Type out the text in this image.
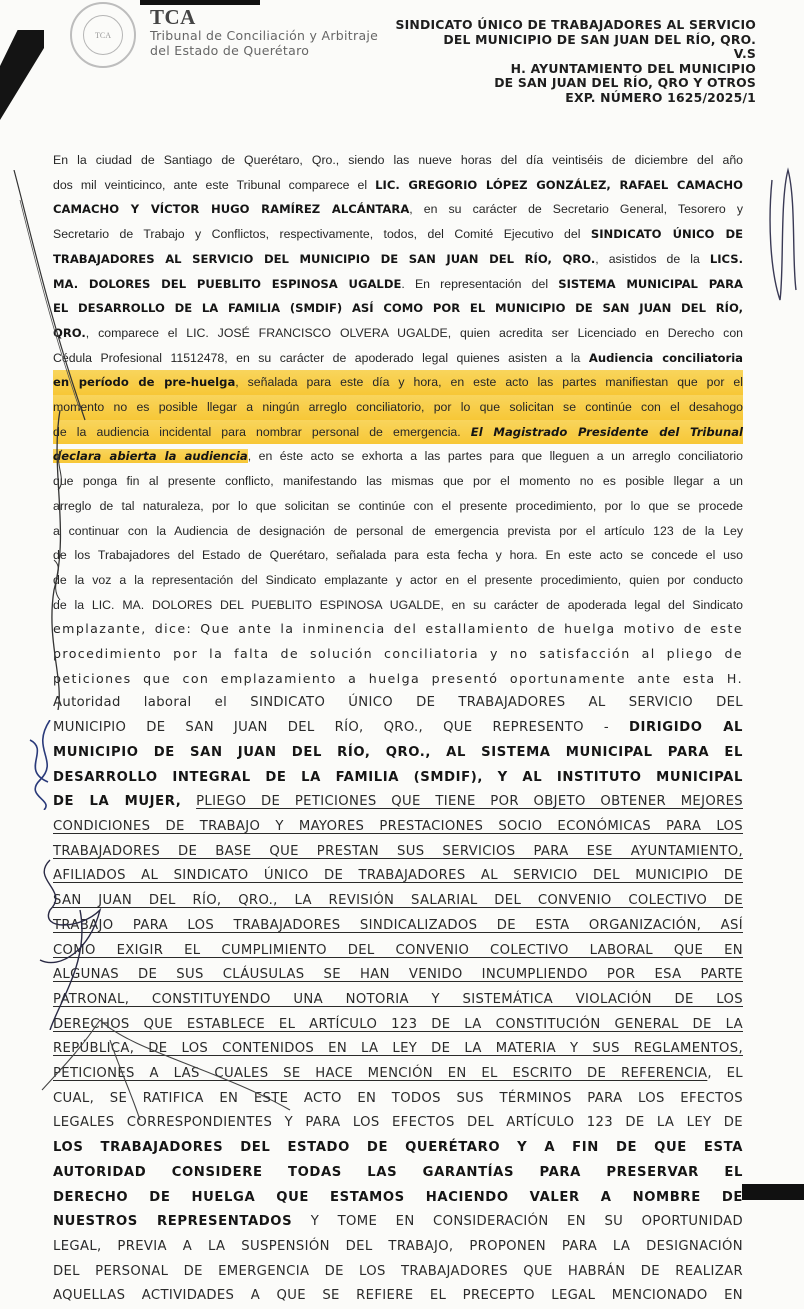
TCA
TCA
Tribunal de Conciliación y Arbitraje
del Estado de Querétaro
SINDICATO ÚNICO DE TRABAJADORES AL SERVICIO
DEL MUNICIPIO DE SAN JUAN DEL RÍO, QRO.
V.S
H. AYUNTAMIENTO DEL MUNICIPIO
DE SAN JUAN DEL RÍO, QRO Y OTROS
EXP. NÚMERO 1625/2025/1
En la ciudad de Santiago de Querétaro, Qro., siendo las nueve horas del día veintiséis de diciembre del año
dos mil veinticinco, ante este Tribunal comparece el LIC. GREGORIO LÓPEZ GONZÁLEZ, RAFAEL CAMACHO
CAMACHO Y VÍCTOR HUGO RAMÍREZ ALCÁNTARA, en su carácter de Secretario General, Tesorero y
Secretario de Trabajo y Conflictos, respectivamente, todos, del Comité Ejecutivo del SINDICATO ÚNICO DE
TRABAJADORES AL SERVICIO DEL MUNICIPIO DE SAN JUAN DEL RÍO, QRO., asistidos de la LICS.
MA. DOLORES DEL PUEBLITO ESPINOSA UGALDE. En representación del SISTEMA MUNICIPAL PARA
EL DESARROLLO DE LA FAMILIA (SMDIF) ASÍ COMO POR EL MUNICIPIO DE SAN JUAN DEL RÍO,
QRO., comparece el LIC. JOSÉ FRANCISCO OLVERA UGALDE, quien acredita ser Licenciado en Derecho con
Cédula Profesional 11512478, en su carácter de apoderado legal quienes asisten a la Audiencia conciliatoria
en período de pre-huelga, señalada para este día y hora, en este acto las partes manifiestan que por el
momento no es posible llegar a ningún arreglo conciliatorio, por lo que solicitan se continúe con el desahogo
de la audiencia incidental para nombrar personal de emergencia. El Magistrado Presidente del Tribunal
declara abierta la audiencia, en éste acto se exhorta a las partes para que lleguen a un arreglo conciliatorio
que ponga fin al presente conflicto, manifestando las mismas que por el momento no es posible llegar a un
arreglo de tal naturaleza, por lo que solicitan se continúe con el presente procedimiento, por lo que se procede
a continuar con la Audiencia de designación de personal de emergencia prevista por el artículo 123 de la Ley
de los Trabajadores del Estado de Querétaro, señalada para esta fecha y hora. En este acto se concede el uso
de la voz a la representación del Sindicato emplazante y actor en el presente procedimiento, quien por conducto
de la LIC. MA. DOLORES DEL PUEBLITO ESPINOSA UGALDE, en su carácter de apoderada legal del Sindicato
emplazante, dice: Que ante la inminencia del estallamiento de huelga motivo de este
procedimiento por la falta de solución conciliatoria y no satisfacción al pliego de
peticiones que con emplazamiento a huelga presentó oportunamente ante esta H.
Autoridad laboral el SINDICATO ÚNICO DE TRABAJADORES AL SERVICIO DEL
MUNICIPIO DE SAN JUAN DEL RÍO, QRO., QUE REPRESENTO - DIRIGIDO AL
MUNICIPIO DE SAN JUAN DEL RÍO, QRO., AL SISTEMA MUNICIPAL PARA EL
DESARROLLO INTEGRAL DE LA FAMILIA (SMDIF), Y AL INSTITUTO MUNICIPAL
DE LA MUJER, PLIEGO DE PETICIONES QUE TIENE POR OBJETO OBTENER MEJORES
CONDICIONES DE TRABAJO Y MAYORES PRESTACIONES SOCIO ECONÓMICAS PARA LOS
TRABAJADORES DE BASE QUE PRESTAN SUS SERVICIOS PARA ESE AYUNTAMIENTO,
AFILIADOS AL SINDICATO ÚNICO DE TRABAJADORES AL SERVICIO DEL MUNICIPIO DE
SAN JUAN DEL RÍO, QRO., LA REVISIÓN SALARIAL DEL CONVENIO COLECTIVO DE
TRABAJO PARA LOS TRABAJADORES SINDICALIZADOS DE ESTA ORGANIZACIÓN, ASÍ
COMO EXIGIR EL CUMPLIMIENTO DEL CONVENIO COLECTIVO LABORAL QUE EN
ALGUNAS DE SUS CLÁUSULAS SE HAN VENIDO INCUMPLIENDO POR ESA PARTE
PATRONAL, CONSTITUYENDO UNA NOTORIA Y SISTEMÁTICA VIOLACIÓN DE LOS
DERECHOS QUE ESTABLECE EL ARTÍCULO 123 DE LA CONSTITUCIÓN GENERAL DE LA
REPÚBLICA, DE LOS CONTENIDOS EN LA LEY DE LA MATERIA Y SUS REGLAMENTOS,
PETICIONES A LAS CUALES SE HACE MENCIÓN EN EL ESCRITO DE REFERENCIA, EL
CUAL, SE RATIFICA EN ESTE ACTO EN TODOS SUS TÉRMINOS PARA LOS EFECTOS
LEGALES CORRESPONDIENTES Y PARA LOS EFECTOS DEL ARTÍCULO 123 DE LA LEY DE
LOS TRABAJADORES DEL ESTADO DE QUERÉTARO Y A FIN DE QUE ESTA
AUTORIDAD CONSIDERE TODAS LAS GARANTÍAS PARA PRESERVAR EL
DERECHO DE HUELGA QUE ESTAMOS HACIENDO VALER A NOMBRE DE
NUESTROS REPRESENTADOS Y TOME EN CONSIDERACIÓN EN SU OPORTUNIDAD
LEGAL, PREVIA A LA SUSPENSIÓN DEL TRABAJO, PROPONEN PARA LA DESIGNACIÓN
DEL PERSONAL DE EMERGENCIA DE LOS TRABAJADORES QUE HABRÁN DE REALIZAR
AQUELLAS ACTIVIDADES A QUE SE REFIERE EL PRECEPTO LEGAL MENCIONADO EN
